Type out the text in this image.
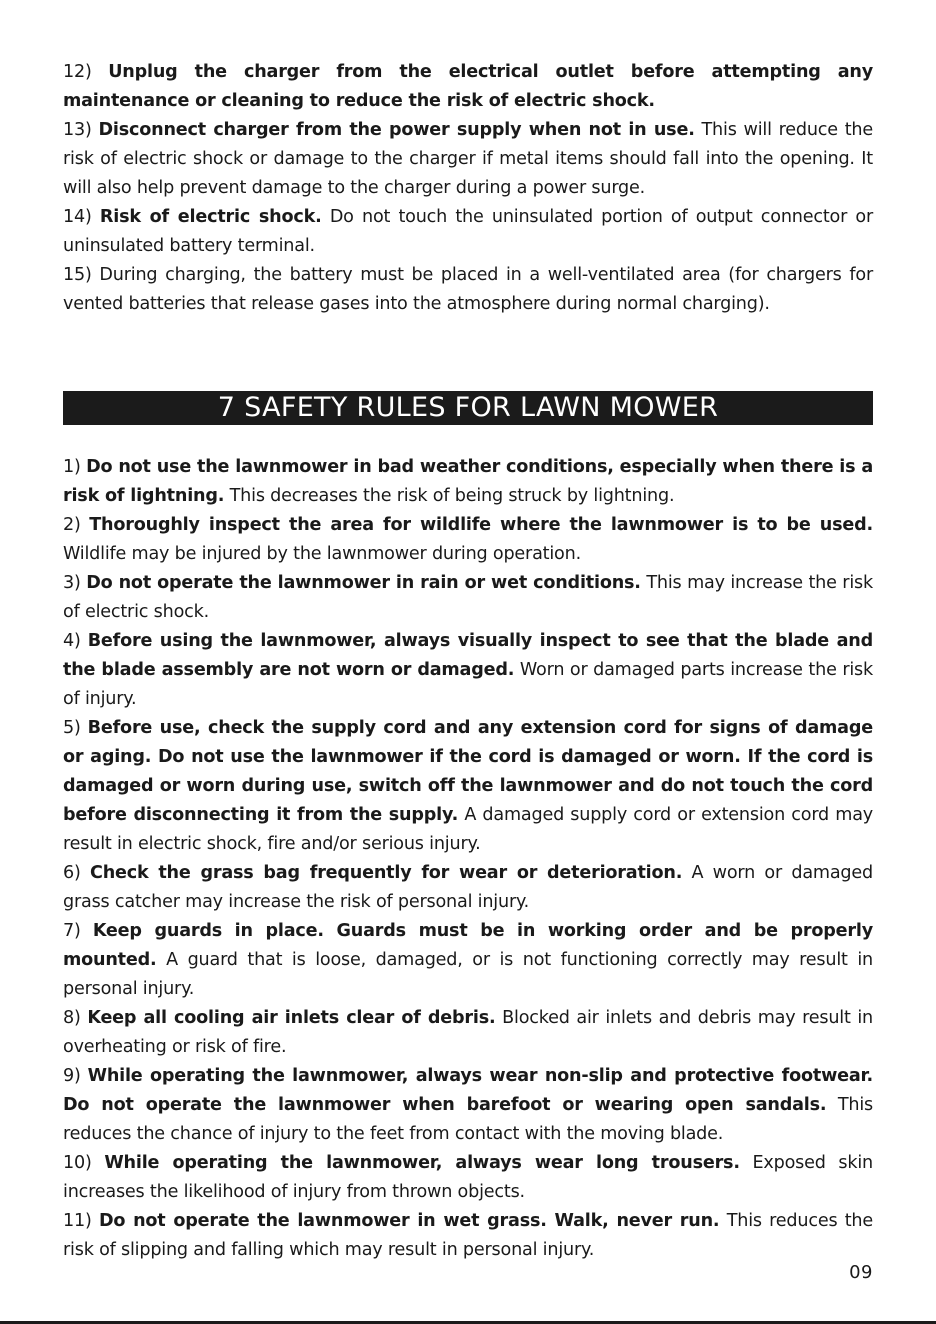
12) Unplug the charger from the electrical outlet before attempting any maintenance or cleaning to reduce the risk of electric shock.

13) Disconnect charger from the power supply when not in use. This will reduce the risk of electric shock or damage to the charger if metal items should fall into the opening. It will also help prevent damage to the charger during a power surge.

14) Risk of electric shock. Do not touch the uninsulated portion of output connector or uninsulated battery terminal.

15) During charging, the battery must be placed in a well-ventilated area (for chargers for vented batteries that release gases into the atmosphere during normal charging).

7 SAFETY RULES FOR LAWN MOWER

1) Do not use the lawnmower in bad weather conditions, especially when there is a risk of lightning. This decreases the risk of being struck by lightning.

2) Thoroughly inspect the area for wildlife where the lawnmower is to be used. Wildlife may be injured by the lawnmower during operation.

3) Do not operate the lawnmower in rain or wet conditions. This may increase the risk of electric shock.

4) Before using the lawnmower, always visually inspect to see that the blade and the blade assembly are not worn or damaged. Worn or damaged parts increase the risk of injury.

5) Before use, check the supply cord and any extension cord for signs of damage or aging. Do not use the lawnmower if the cord is damaged or worn. If the cord is damaged or worn during use, switch off the lawnmower and do not touch the cord before disconnecting it from the supply. A damaged supply cord or extension cord may result in electric shock, fire and/or serious injury.

6) Check the grass bag frequently for wear or deterioration. A worn or damaged grass catcher may increase the risk of personal injury.

7) Keep guards in place. Guards must be in working order and be properly mounted. A guard that is loose, damaged, or is not functioning correctly may result in personal injury.

8) Keep all cooling air inlets clear of debris. Blocked air inlets and debris may result in overheating or risk of fire.

9) While operating the lawnmower, always wear non-slip and protective footwear. Do not operate the lawnmower when barefoot or wearing open sandals. This reduces the chance of injury to the feet from contact with the moving blade.

10) While operating the lawnmower, always wear long trousers. Exposed skin increases the likelihood of injury from thrown objects.

11) Do not operate the lawnmower in wet grass. Walk, never run. This reduces the risk of slipping and falling which may result in personal injury.

09
